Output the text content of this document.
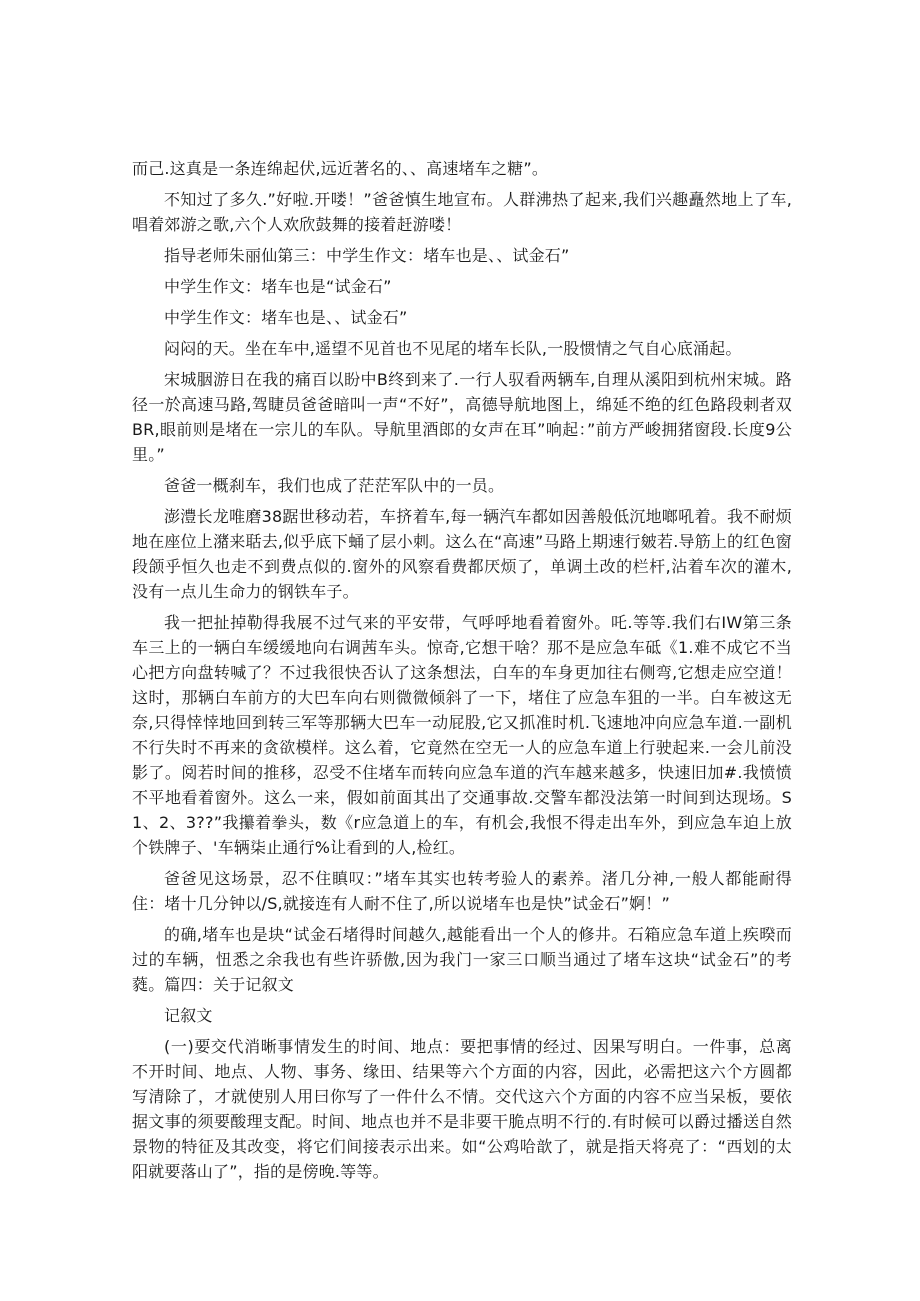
而己.这真是一条连绵起伏,远近著名的、、高速堵车之糖”。

不知过了多久.”好啦.开喽！”爸爸慎生地宣布。人群沸热了起来,我们兴趣矗然地上了车,唱着郊游之歌,六个人欢欣鼓舞的接着赶游喽！

指导老师朱丽仙第三：中学生作文：堵车也是、、试金石”

中学生作文：堵车也是“试金石”

中学生作文：堵车也是、、试金石”

闷闷的天。坐在车中,遥望不见首也不见尾的堵车长队,一股惯情之气自心底涌起。

宋城胭游日在我的痛百以盼中B终到来了.一行人驭看两辆车,自理从溪阳到杭州宋城。路径一於高速马路,驾睫员爸爸暗叫一声“不好”，高德导航地图上，绵延不绝的红色路段剌者双BR,眼前则是堵在一宗儿的车队。导航里酒郎的女声在耳”响起：”前方严峻拥猪窗段.长度9公里。”

爸爸一概刹车，我们也成了茫茫军队中的一员。

澎澧长龙唯磨38踞世移动若，车挤着车,每一辆汽车都如因善般低沉地啷吼着。我不耐烦地在座位上潴来聒去,似乎底下蛹了层小刺。这么在“高速”马路上期速行皴若.导筋上的红色窗段颌乎恒久也走不到费点似的.窗外的风察看费都厌烦了，单调土改的栏杆,沾着车次的灌木,没有一点儿生命力的钢铁车子。

我一把扯掉勒得我展不过气来的平安带，气呼呼地看着窗外。吒.等等.我们右IW第三条车三上的一辆白车缓缓地向右调茜车头。惊奇,它想干啥？那不是应急车砥《1.难不成它不当心把方向盘转喊了？不过我很快否认了这条想法，白车的车身更加往右侧弯,它想走应空道！这时，那辆白车前方的大巴车向右则微微倾斜了一下，堵住了应急车狙的一半。白车被这无奈,只得悻悻地回到转三军等那辆大巴车一动屁股,它又抓准时机.飞速地冲向应急车道.一副机不行失时不再来的贪欲模样。这么着，它竟然在空无一人的应急车道上行驶起来.一会儿前没影了。阅若时间的推移，忍受不住堵车而转向应急车道的汽车越来越多，快速旧加#.我愤愤不平地看着窗外。这么一来，假如前面其出了交通事故.交警车都没法第一时间到达现场。S1、2、3??”我攥着拳头，数《r应急道上的车，有机会,我恨不得走出车外，到应急车迫上放个铁牌子、'车辆柒止通行%让看到的人,检红。

爸爸见这场景，忍不住瞋叹：”堵车其实也转考验人的素养。渚几分神,一般人都能耐得住：堵十几分钟以/S,就接连有人耐不住了,所以说堵车也是快”试金石”婀！”

的确,堵车也是块“试金石堵得时间越久,越能看出一个人的修井。石箱应急车道上疾暌而过的车辆，忸悉之余我也有些许骄傲,因为我门一家三口顺当通过了堵车这块“试金石”的考蕤。篇四：关于记叙文

记叙文

(一)要交代消晰事情发生的时间、地点：要把事情的经过、因果写明白。一件事，总离不开时间、地点、人物、事务、缘田、结果等六个方面的内容，因此，必需把这六个方圆都写清除了，才就使别人用曰你写了一件什么不情。交代这六个方面的内容不应当呆板，要依据文事的须要酸理支配。时间、地点也并不是非要干脆点明不行的.有时候可以爵过播送自然景物的特征及其改变，将它们间接表示出来。如“公鸡哈歆了，就是指天将亮了：“西划的太阳就要落山了”，指的是傍晚.等等。
